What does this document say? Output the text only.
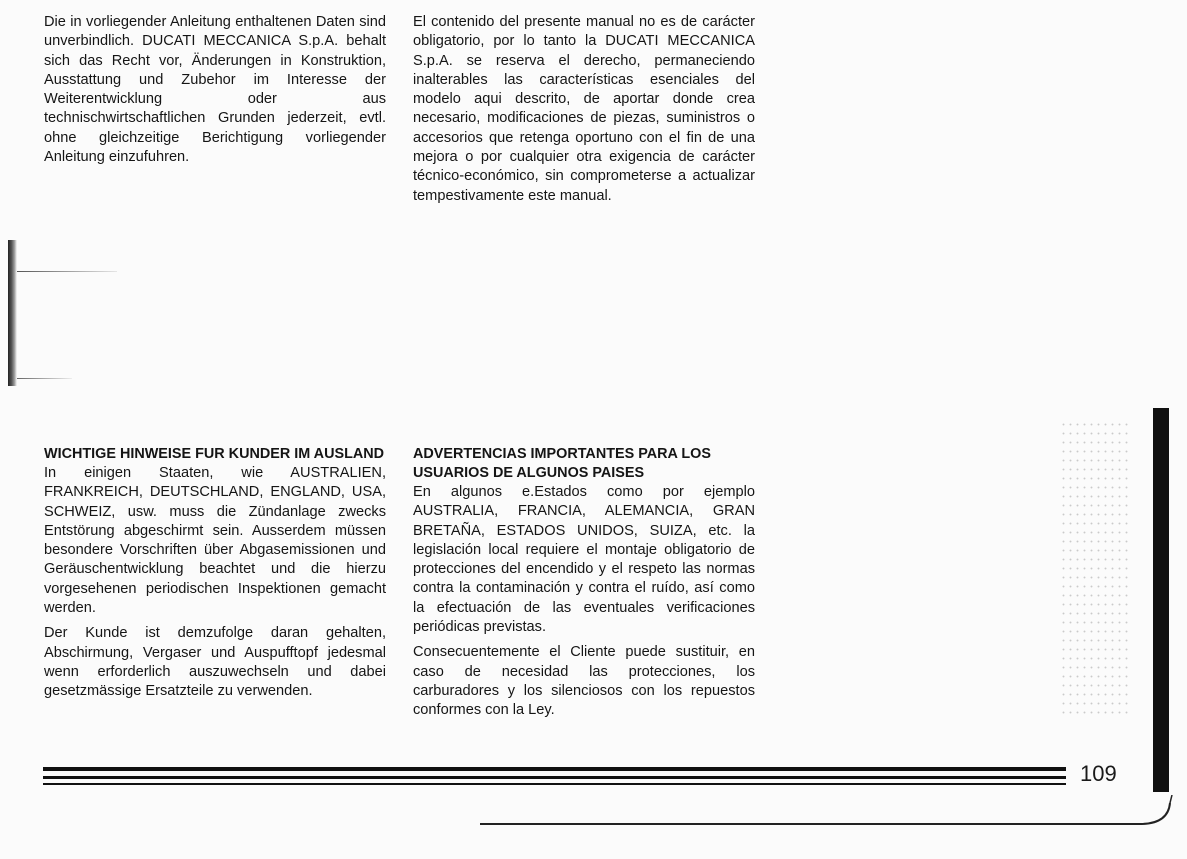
Die in vorliegender Anleitung enthaltenen Daten sind unverbindlich. DUCATI MECCANICA S.p.A. behalt sich das Recht vor, Änderungen in Konstruktion, Ausstattung und Zubehor im Interesse der Weiterentwicklung oder aus technischwirtschaftlichen Grunden jederzeit, evtl. ohne gleichzeitige Berichtigung vorliegender Anleitung einzufuhren.

El contenido del presente manual no es de carácter obligatorio, por lo tanto la DUCATI MECCANICA S.p.A. se reserva el derecho, permaneciendo inalterables las características esenciales del modelo aqui descrito, de aportar donde crea necesario, modificaciones de piezas, suministros o accesorios que retenga oportuno con el fin de una mejora o por cualquier otra exigencia de carácter técnico-económico, sin comprometerse a actualizar tempestivamente este manual.

WICHTIGE HINWEISE FUR KUNDER IM AUSLAND

In einigen Staaten, wie AUSTRALIEN, FRANKREICH, DEUTSCHLAND, ENGLAND, USA, SCHWEIZ, usw. muss die Zündanlage zwecks Entstörung abgeschirmt sein. Ausserdem müssen besondere Vorschriften über Abgasemissionen und Geräuschentwicklung beachtet und die hierzu vorgesehenen periodischen Inspektionen gemacht werden.

Der Kunde ist demzufolge daran gehalten, Abschirmung, Vergaser und Auspufftopf jedesmal wenn erforderlich auszuwechseln und dabei gesetzmässige Ersatzteile zu verwenden.

ADVERTENCIAS IMPORTANTES PARA LOS USUARIOS DE ALGUNOS PAISES

En algunos e.Estados como por ejemplo AUSTRALIA, FRANCIA, ALEMANCIA, GRAN BRETAÑA, ESTADOS UNIDOS, SUIZA, etc. la legislación local requiere el montaje obligatorio de protecciones del encendido y el respeto las normas contra la contaminación y contra el ruído, así como la efectuación de las eventuales verificaciones periódicas previstas.

Consecuentemente el Cliente puede sustituir, en caso de necesidad las protecciones, los carburadores y los silenciosos con los repuestos conformes con la Ley.

109
